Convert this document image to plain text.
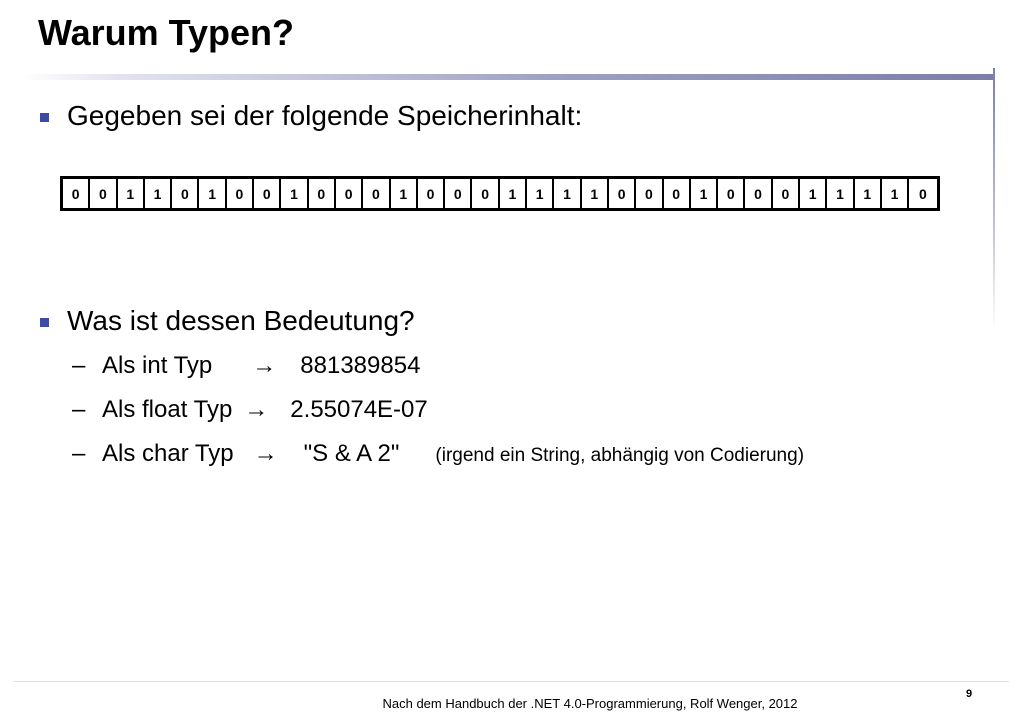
Warum Typen?
Gegeben sei der folgende Speicherinhalt:
0	0	1	1	0	1	0	0	1	0	0	0	1	0	0	0	1	1	1	1	0	0	0	1	0	0	0	1	1	1	1	0
Was ist dessen Bedeutung?
– Als int Typ → 881389854
– Als float Typ → 2.55074E-07
– Als char Typ → "S & A 2" (irgend ein String, abhängig von Codierung)
Nach dem Handbuch der .NET 4.0-Programmierung, Rolf Wenger, 2012
9
